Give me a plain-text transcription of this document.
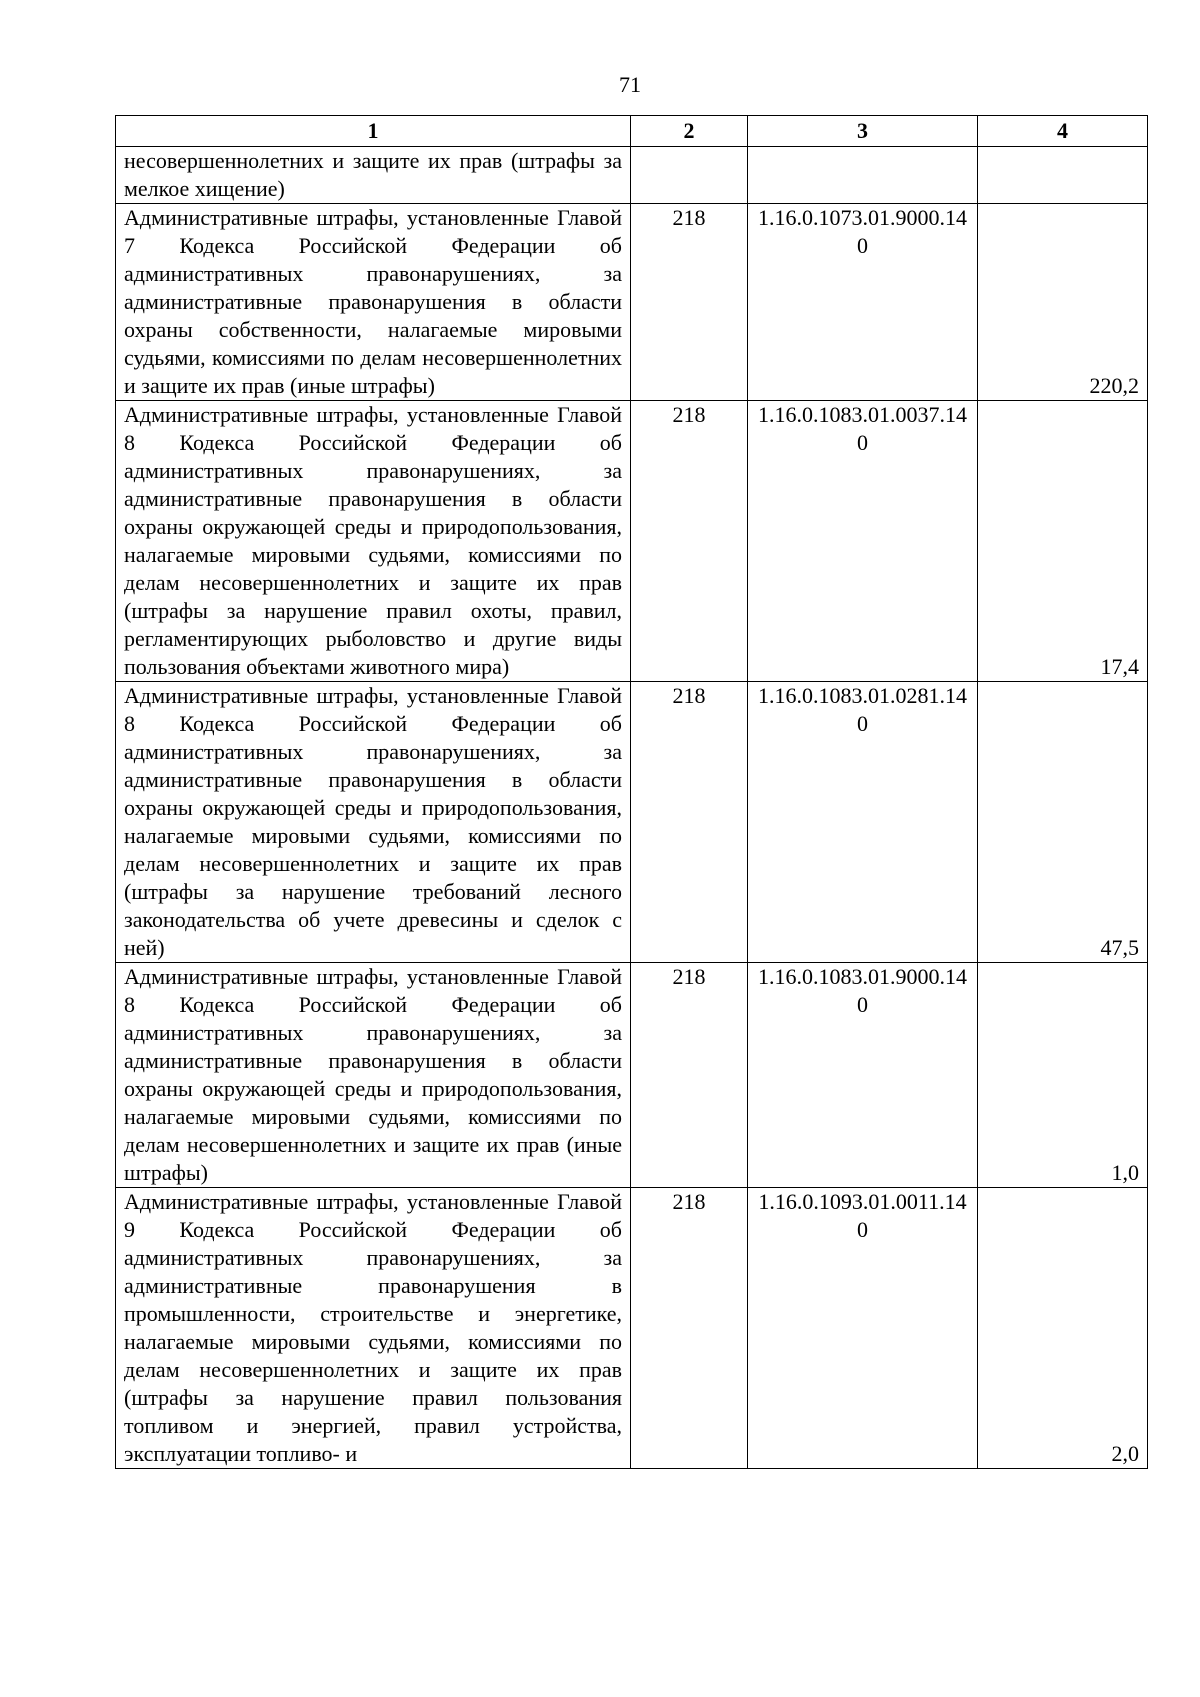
71
1	2	3	4
несовершеннолетних и защите их прав (штрафы за мелкое хищение)			
Административные штрафы, установленные Главой 7 Кодекса Российской Федерации об административных правонарушениях, за административные правонарушения в области охраны собственности, налагаемые мировыми судьями, комиссиями по делам несовершеннолетних и защите их прав (иные штрафы)	218	1.16.0.1073.01.9000.140	220,2
Административные штрафы, установленные Главой 8 Кодекса Российской Федерации об административных правонарушениях, за административные правонарушения в области охраны окружающей среды и природопользования, налагаемые мировыми судьями, комиссиями по делам несовершеннолетних и защите их прав (штрафы за нарушение правил охоты, правил, регламентирующих рыболовство и другие виды пользования объектами животного мира)	218	1.16.0.1083.01.0037.140	17,4
Административные штрафы, установленные Главой 8 Кодекса Российской Федерации об административных правонарушениях, за административные правонарушения в области охраны окружающей среды и природопользования, налагаемые мировыми судьями, комиссиями по делам несовершеннолетних и защите их прав (штрафы за нарушение требований лесного законодательства об учете древесины и сделок с ней)	218	1.16.0.1083.01.0281.140	47,5
Административные штрафы, установленные Главой 8 Кодекса Российской Федерации об административных правонарушениях, за административные правонарушения в области охраны окружающей среды и природопользования, налагаемые мировыми судьями, комиссиями по делам несовершеннолетних и защите их прав (иные штрафы)	218	1.16.0.1083.01.9000.140	1,0
Административные штрафы, установленные Главой 9 Кодекса Российской Федерации об административных правонарушениях, за административные правонарушения в промышленности, строительстве и энергетике, налагаемые мировыми судьями, комиссиями по делам несовершеннолетних и защите их прав (штрафы за нарушение правил пользования топливом и энергией, правил устройства, эксплуатации топливо- и	218	1.16.0.1093.01.0011.140	2,0
